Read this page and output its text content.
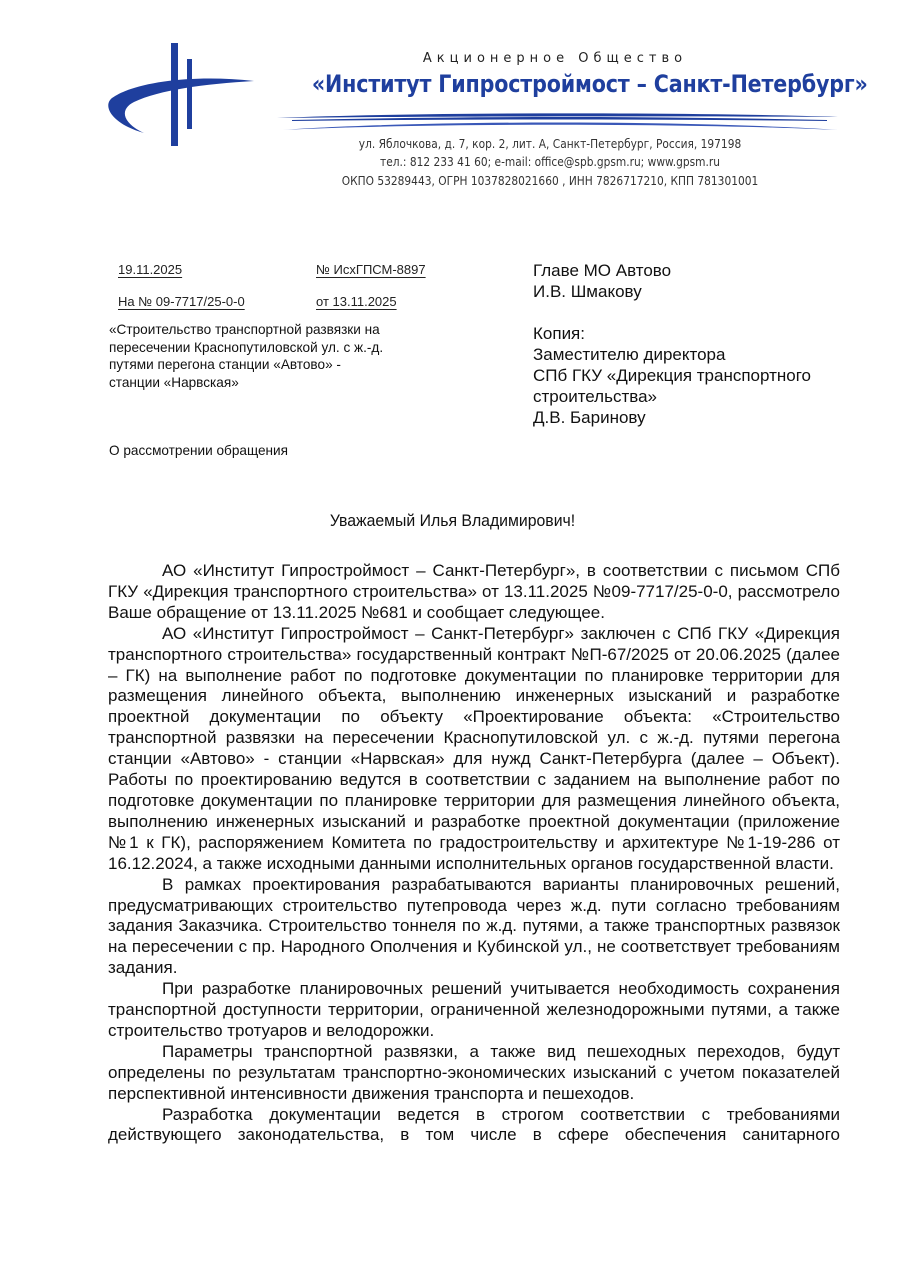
Акционерное Общество
«Институт Гипростроймост – Санкт-Петербург»
ул. Яблочкова, д. 7, кор. 2, лит. А, Санкт-Петербург, Россия, 197198
тел.: 812 233 41 60; e-mail: office@spb.gpsm.ru; www.gpsm.ru
ОКПО 53289443, ОГРН 1037828021660 , ИНН 7826717210, КПП 781301001
19.11.2025	№ ИсхГПСМ-8897
На № 09-7717/25-0-0	от 13.11.2025
«Строительство транспортной развязки на
пересечении Краснопутиловской ул. с ж.-д.
путями перегона станции «Автово» -
станции «Нарвская»
Главе МО Автово
И.В. Шмакову
Копия:
Заместителю директора
СПб ГКУ «Дирекция транспортного
строительства»
Д.В. Баринову
О рассмотрении обращения
Уважаемый Илья Владимирович!

АО «Институт Гипростроймост – Санкт-Петербург», в соответствии с письмом СПб ГКУ «Дирекция транспортного строительства» от 13.11.2025 №09-7717/25-0-0, рассмотрело Ваше обращение от 13.11.2025 №681 и сообщает следующее.

АО «Институт Гипростроймост – Санкт-Петербург» заключен с СПб ГКУ «Дирекция транспортного строительства» государственный контракт №П-67/2025 от 20.06.2025 (далее – ГК) на выполнение работ по подготовке документации по планировке территории для размещения линейного объекта, выполнению инженерных изысканий и разработке проектной документации по объекту «Проектирование объекта: «Строительство транспортной развязки на пересечении Краснопутиловской ул. с ж.-д. путями перегона станции «Автово» - станции «Нарвская» для нужд Санкт-Петербурга (далее – Объект). Работы по проектированию ведутся в соответствии с заданием на выполнение работ по подготовке документации по планировке территории для размещения линейного объекта, выполнению инженерных изысканий и разработке проектной документации (приложение №1 к ГК), распоряжением Комитета по градостроительству и архитектуре №1-19-286 от 16.12.2024, а также исходными данными исполнительных органов государственной власти.

В рамках проектирования разрабатываются варианты планировочных решений, предусматривающих строительство путепровода через ж.д. пути согласно требованиям задания Заказчика. Строительство тоннеля по ж.д. путями, а также транспортных развязок на пересечении с пр. Народного Ополчения и Кубинской ул., не соответствует требованиям задания.

При разработке планировочных решений учитывается необходимость сохранения транспортной доступности территории, ограниченной железнодорожными путями, а также строительство тротуаров и велодорожки.

Параметры транспортной развязки, а также вид пешеходных переходов, будут определены по результатам транспортно-экономических изысканий с учетом показателей перспективной интенсивности движения транспорта и пешеходов.

Разработка документации ведется в строгом соответствии с требованиями действующего законодательства, в том числе в сфере обеспечения санитарного
